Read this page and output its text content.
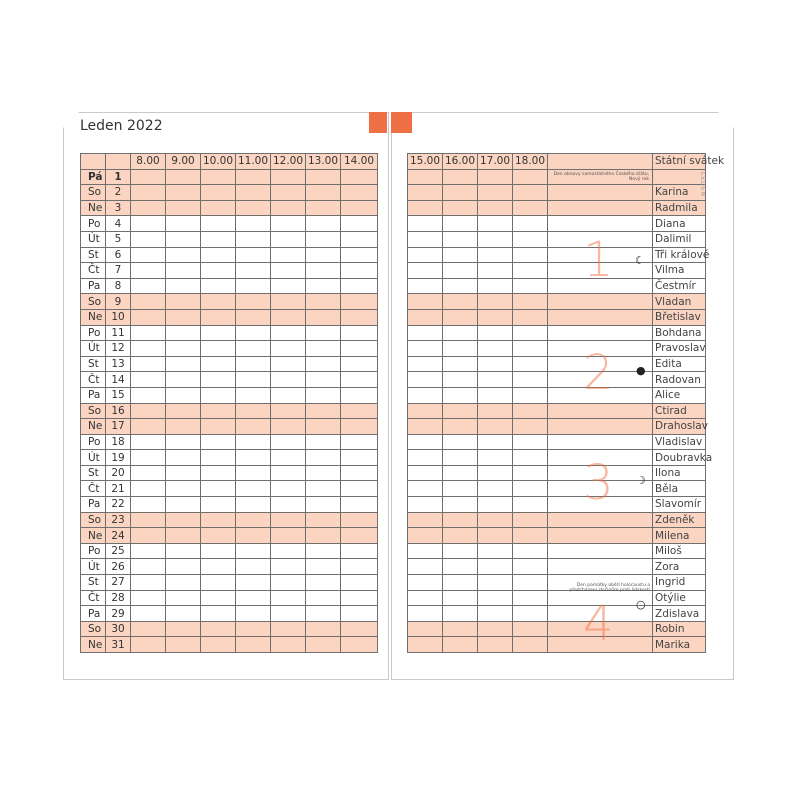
Leden 2022
		8.00	9.00	10.00	11.00	12.00	13.00	14.00	
Pá	1								
So	2								
Ne	3								
Po	4								
Út	5								
St	6								
Čt	7								
Pa	8								
So	9								
Ne	10								
Po	11								
Út	12								
St	13								
Čt	14								
Pa	15								
So	16								
Ne	17								
Po	18								
Út	19								
St	20								
Čt	21								
Pa	22								
So	23								
Ne	24								
Po	25								
Út	26								
St	27								
Čt	28								
Pa	29								
So	30								
Ne	31								
15.00	16.00	17.00	18.00		Státní svátek
				Den obnovy samostatného Českého státu, Nový rok	
					Karina
					Radmila
					Diana
					Dalimil
					Tři králové
					Vilma
					Čestmír
					Vladan
					Břetislav
					Bohdana
					Pravoslav
					Edita
					Radovan
					Alice
					Ctirad
					Drahoslav
					Vladislav
					Doubravka
					Ilona
					Běla
					Slavomír
					Zdeněk
					Milena
					Miloš
					Zora
					Ingrid
					Otýlie
					Zdislava
					Robin
					Marika
1
2
3
4
☾
●
☽
○
Den památky obětí holocaustu a předcházení zločinům proti lidskosti
LEDEN
